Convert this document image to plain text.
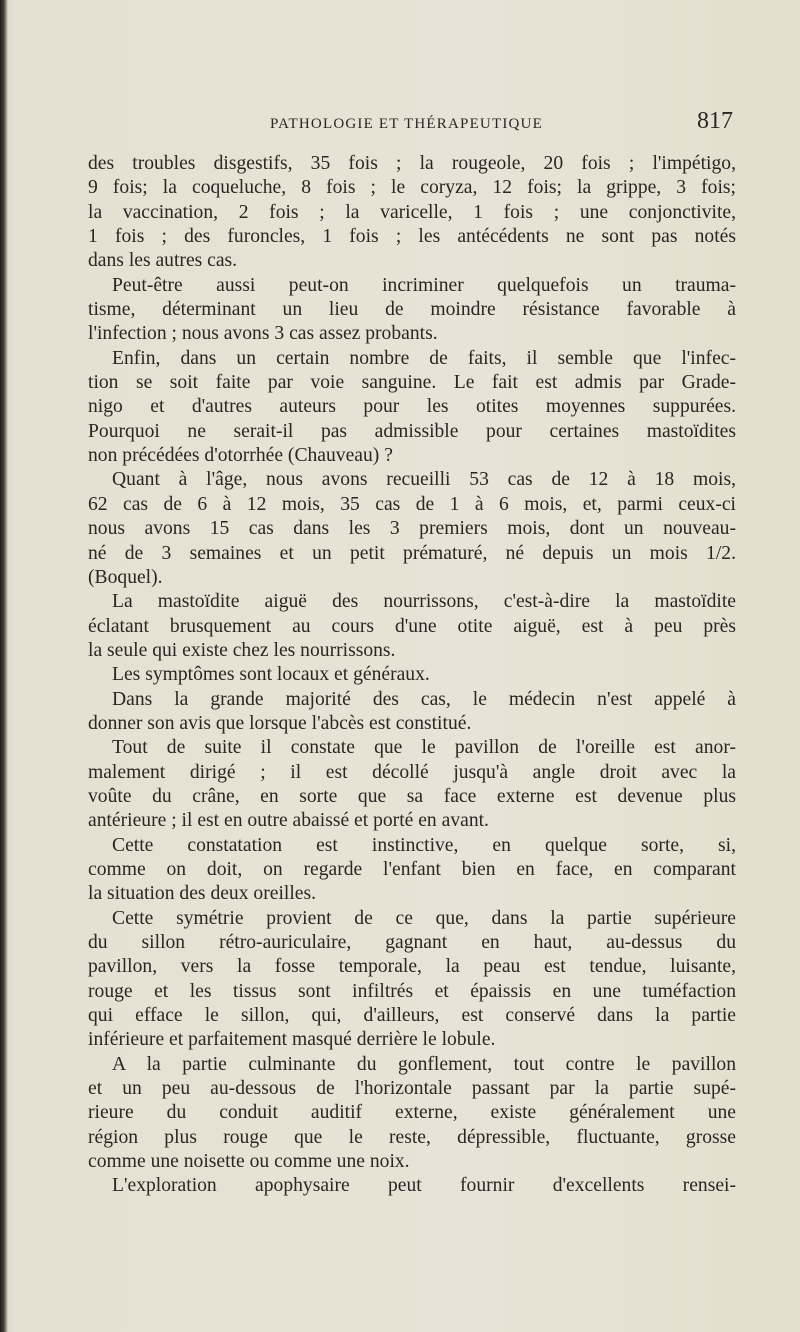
PATHOLOGIE ET THÉRAPEUTIQUE	817
des troubles disgestifs, 35 fois ; la rougeole, 20 fois ; l'impétigo,
9 fois; la coqueluche, 8 fois ; le coryza, 12 fois; la grippe, 3 fois;
la vaccination, 2 fois ; la varicelle, 1 fois ; une conjonctivite,
1 fois ; des furoncles, 1 fois ; les antécédents ne sont pas notés
dans les autres cas.
Peut-être aussi peut-on incriminer quelquefois un trauma-
tisme, déterminant un lieu de moindre résistance favorable à
l'infection ; nous avons 3 cas assez probants.
Enfin, dans un certain nombre de faits, il semble que l'infec-
tion se soit faite par voie sanguine. Le fait est admis par Grade-
nigo et d'autres auteurs pour les otites moyennes suppurées.
Pourquoi ne serait-il pas admissible pour certaines mastoïdites
non précédées d'otorrhée (Chauveau) ?
Quant à l'âge, nous avons recueilli 53 cas de 12 à 18 mois,
62 cas de 6 à 12 mois, 35 cas de 1 à 6 mois, et, parmi ceux-ci
nous avons 15 cas dans les 3 premiers mois, dont un nouveau-
né de 3 semaines et un petit prématuré, né depuis un mois 1/2.
(Boquel).
La mastoïdite aiguë des nourrissons, c'est-à-dire la mastoïdite
éclatant brusquement au cours d'une otite aiguë, est à peu près
la seule qui existe chez les nourrissons.
Les symptômes sont locaux et généraux.
Dans la grande majorité des cas, le médecin n'est appelé à
donner son avis que lorsque l'abcès est constitué.
Tout de suite il constate que le pavillon de l'oreille est anor-
malement dirigé ; il est décollé jusqu'à angle droit avec la
voûte du crâne, en sorte que sa face externe est devenue plus
antérieure ; il est en outre abaissé et porté en avant.
Cette constatation est instinctive, en quelque sorte, si,
comme on doit, on regarde l'enfant bien en face, en comparant
la situation des deux oreilles.
Cette symétrie provient de ce que, dans la partie supérieure
du sillon rétro-auriculaire, gagnant en haut, au-dessus du
pavillon, vers la fosse temporale, la peau est tendue, luisante,
rouge et les tissus sont infiltrés et épaissis en une tuméfaction
qui efface le sillon, qui, d'ailleurs, est conservé dans la partie
inférieure et parfaitement masqué derrière le lobule.
A la partie culminante du gonflement, tout contre le pavillon
et un peu au-dessous de l'horizontale passant par la partie supé-
rieure du conduit auditif externe, existe généralement une
région plus rouge que le reste, dépressible, fluctuante, grosse
comme une noisette ou comme une noix.
L'exploration apophysaire peut fournir d'excellents rensei-
